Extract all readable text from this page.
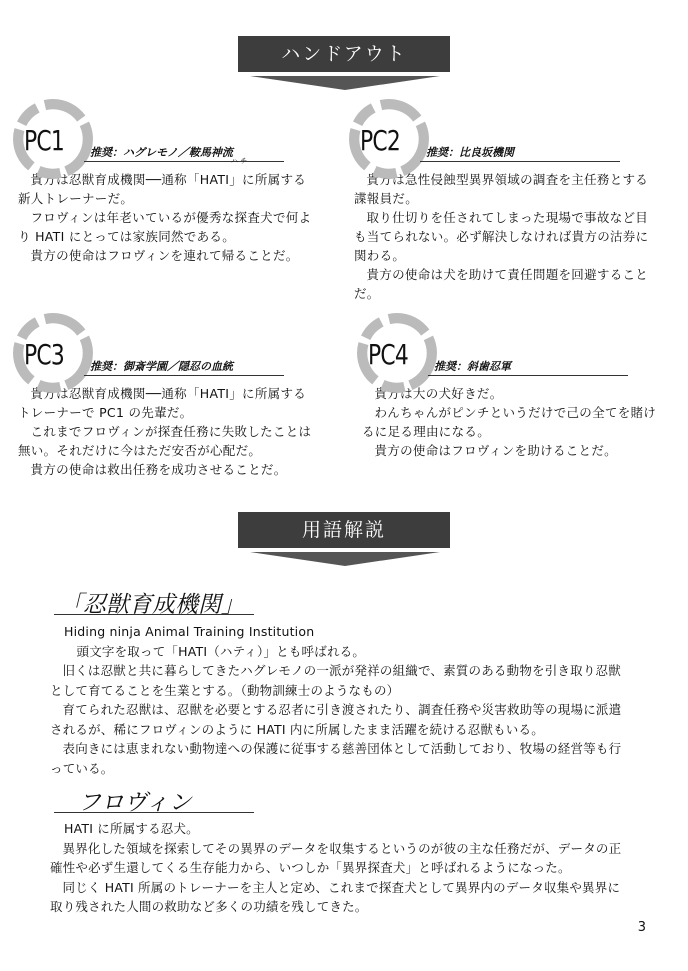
ハンドアウト
PC1 推奨：ハグレモノ／鞍馬神流
ハ チ

貴方は忍獣育成機関──通称「HATI」に所属する新人トレーナーだ。

フロヴィンは年老いているが優秀な探査犬で何より HATI にとっては家族同然である。

貴方の使命はフロヴィンを連れて帰ることだ。

PC2 推奨：比良坂機関

貴方は急性侵蝕型異界領域の調査を主任務とする諜報員だ。

取り仕切りを任されてしまった現場で事故など目も当てられない。必ず解決しなければ貴方の沽券に関わる。

貴方の使命は犬を助けて責任問題を回避することだ。

PC3 推奨：御斎学園／隠忍の血統

貴方は忍獣育成機関──通称「HATI」に所属するトレーナーで PC1 の先輩だ。

これまでフロヴィンが探査任務に失敗したことは無い。それだけに今はただ安否が心配だ。

貴方の使命は救出任務を成功させることだ。

PC4 推奨：斜歯忍軍

貴方は大の犬好きだ。

わんちゃんがピンチというだけで己の全てを賭けるに足る理由になる。

貴方の使命はフロヴィンを助けることだ。

用語解説
「忍獣育成機関」

Hiding ninja Animal Training Institution

頭文字を取って「HATI（ハティ）」とも呼ばれる。

旧くは忍獣と共に暮らしてきたハグレモノの一派が発祥の組織で、素質のある動物を引き取り忍獣として育てることを生業とする。（動物訓練士のようなもの）

育てられた忍獣は、忍獣を必要とする忍者に引き渡されたり、調査任務や災害救助等の現場に派遣されるが、稀にフロヴィンのように HATI 内に所属したまま活躍を続ける忍獣もいる。

表向きには恵まれない動物達への保護に従事する慈善団体として活動しており、牧場の経営等も行っている。

フロヴィン

HATI に所属する忍犬。

異界化した領域を探索してその異界のデータを収集するというのが彼の主な任務だが、データの正確性や必ず生還してくる生存能力から、いつしか「異界探査犬」と呼ばれるようになった。

同じく HATI 所属のトレーナーを主人と定め、これまで探査犬として異界内のデータ収集や異界に取り残された人間の救助など多くの功績を残してきた。

3
